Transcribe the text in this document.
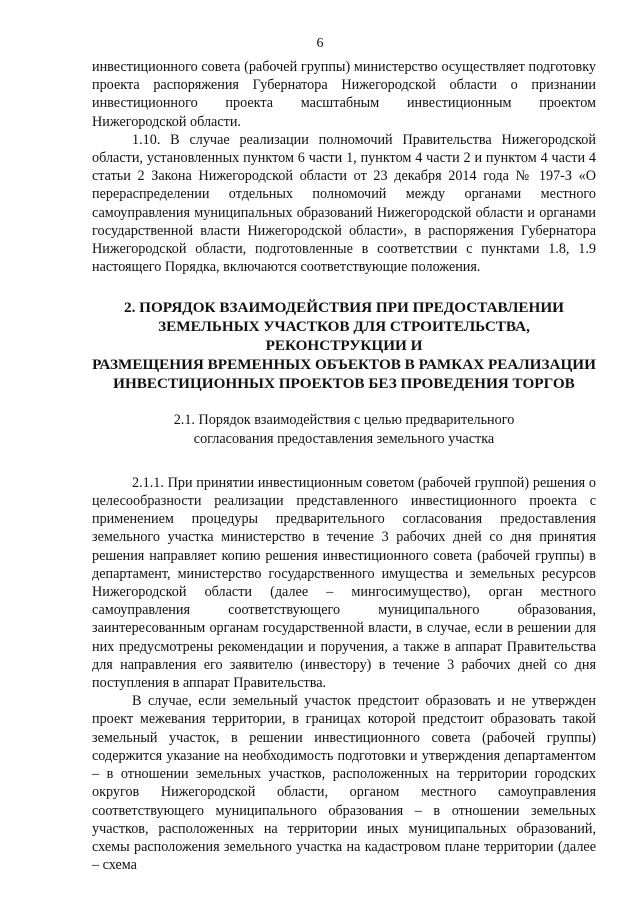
6

инвестиционного совета (рабочей группы) министерство осуществляет подготовку проекта распоряжения Губернатора Нижегородской области о признании инвестиционного проекта масштабным инвестиционным проектом Нижегородской области.

1.10. В случае реализации полномочий Правительства Нижегородской области, установленных пунктом 6 части 1, пунктом 4 части 2 и пунктом 4 части 4 статьи 2 Закона Нижегородской области от 23 декабря 2014 года № 197-З «О перераспределении отдельных полномочий между органами местного самоуправления муниципальных образований Нижегородской области и органами государственной власти Нижегородской области», в распоряжения Губернатора Нижегородской области, подготовленные в соответствии с пунктами 1.8, 1.9 настоящего Порядка, включаются соответствующие положения.

2. ПОРЯДОК ВЗАИМОДЕЙСТВИЯ ПРИ ПРЕДОСТАВЛЕНИИ
ЗЕМЕЛЬНЫХ УЧАСТКОВ ДЛЯ СТРОИТЕЛЬСТВА, РЕКОНСТРУКЦИИ И
РАЗМЕЩЕНИЯ ВРЕМЕННЫХ ОБЪЕКТОВ В РАМКАХ РЕАЛИЗАЦИИ
ИНВЕСТИЦИОННЫХ ПРОЕКТОВ БЕЗ ПРОВЕДЕНИЯ ТОРГОВ
2.1. Порядок взаимодействия с целью предварительного
согласования предоставления земельного участка

2.1.1. При принятии инвестиционным советом (рабочей группой) решения о целесообразности реализации представленного инвестиционного проекта с применением процедуры предварительного согласования предоставления земельного участка министерство в течение 3 рабочих дней со дня принятия решения направляет копию решения инвестиционного совета (рабочей группы) в департамент, министерство государственного имущества и земельных ресурсов Нижегородской области (далее – мингосимущество), орган местного самоуправления соответствующего муниципального образования, заинтересованным органам государственной власти, в случае, если в решении для них предусмотрены рекомендации и поручения, а также в аппарат Правительства для направления его заявителю (инвестору) в течение 3 рабочих дней со дня поступления в аппарат Правительства.

В случае, если земельный участок предстоит образовать и не утвержден проект межевания территории, в границах которой предстоит образовать такой земельный участок, в решении инвестиционного совета (рабочей группы) содержится указание на необходимость подготовки и утверждения департаментом – в отношении земельных участков, расположенных на территории городских округов Нижегородской области, органом местного самоуправления соответствующего муниципального образования – в отношении земельных участков, расположенных на территории иных муниципальных образований, схемы расположения земельного участка на кадастровом плане территории (далее – схема
